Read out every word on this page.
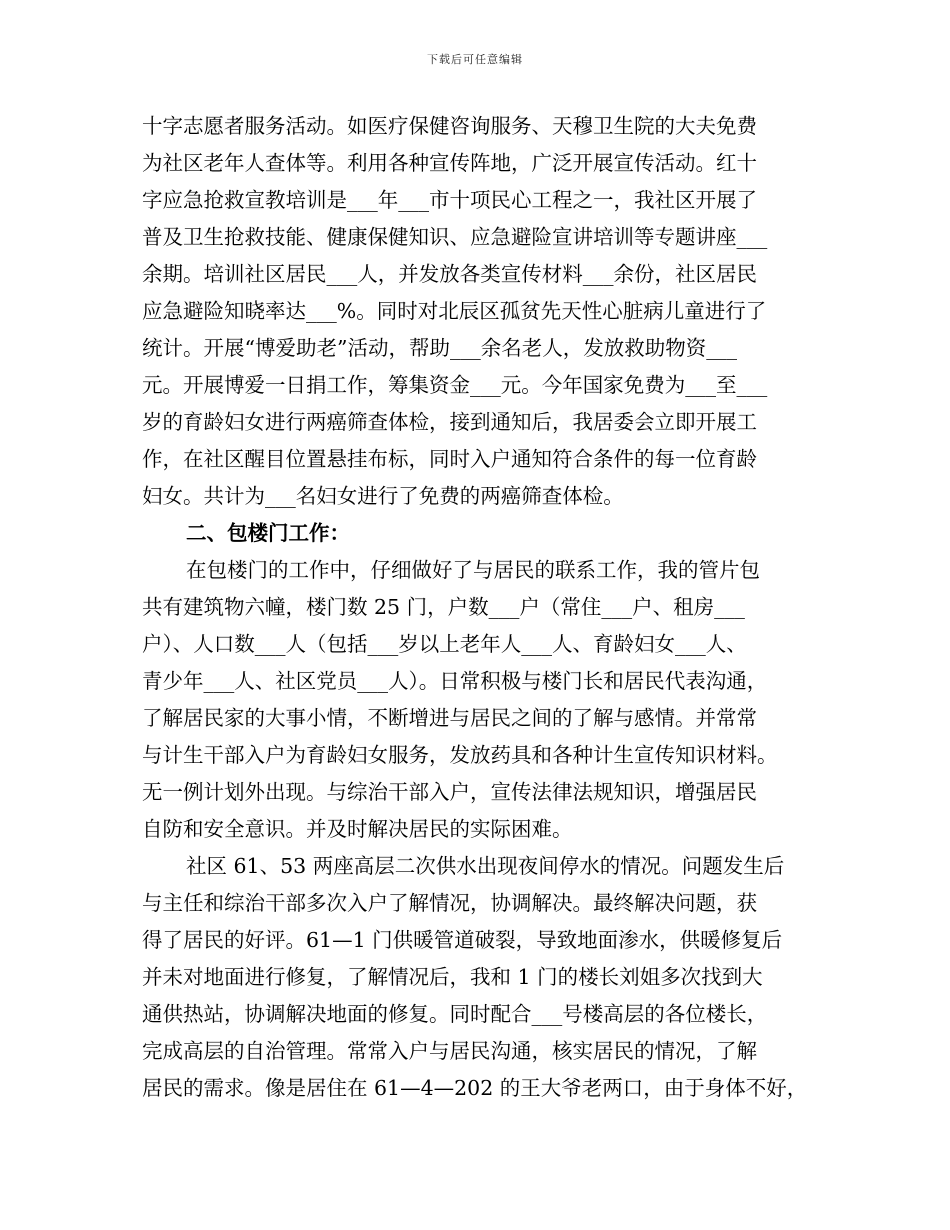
下载后可任意编辑
十字志愿者服务活动。如医疗保健咨询服务、天穆卫生院的大夫免费
为社区老年人查体等。利用各种宣传阵地，广泛开展宣传活动。红十
字应急抢救宣教培训是___年___市十项民心工程之一，我社区开展了
普及卫生抢救技能、健康保健知识、应急避险宣讲培训等专题讲座___
余期。培训社区居民___人，并发放各类宣传材料___余份，社区居民
应急避险知晓率达___%。同时对北辰区孤贫先天性心脏病儿童进行了
统计。开展“博爱助老”活动，帮助___余名老人，发放救助物资___
元。开展博爱一日捐工作，筹集资金___元。今年国家免费为___至___
岁的育龄妇女进行两癌筛查体检，接到通知后，我居委会立即开展工
作，在社区醒目位置悬挂布标，同时入户通知符合条件的每一位育龄
妇女。共计为___名妇女进行了免费的两癌筛查体检。
二、包楼门工作：
在包楼门的工作中，仔细做好了与居民的联系工作，我的管片包
共有建筑物六幢，楼门数 25 门，户数___户（常住___户、租房___
户）、人口数___人（包括___岁以上老年人___人、育龄妇女___人、
青少年___人、社区党员___人）。日常积极与楼门长和居民代表沟通，
了解居民家的大事小情，不断增进与居民之间的了解与感情。并常常
与计生干部入户为育龄妇女服务，发放药具和各种计生宣传知识材料。
无一例计划外出现。与综治干部入户，宣传法律法规知识，增强居民
自防和安全意识。并及时解决居民的实际困难。
社区 61、53 两座高层二次供水出现夜间停水的情况。问题发生后
与主任和综治干部多次入户了解情况，协调解决。最终解决问题，获
得了居民的好评。61—1 门供暖管道破裂，导致地面渗水，供暖修复后
并未对地面进行修复，了解情况后，我和 1 门的楼长刘姐多次找到大
通供热站，协调解决地面的修复。同时配合___号楼高层的各位楼长，
完成高层的自治管理。常常入户与居民沟通，核实居民的情况，了解
居民的需求。像是居住在 61—4—202 的王大爷老两口，由于身体不好，
